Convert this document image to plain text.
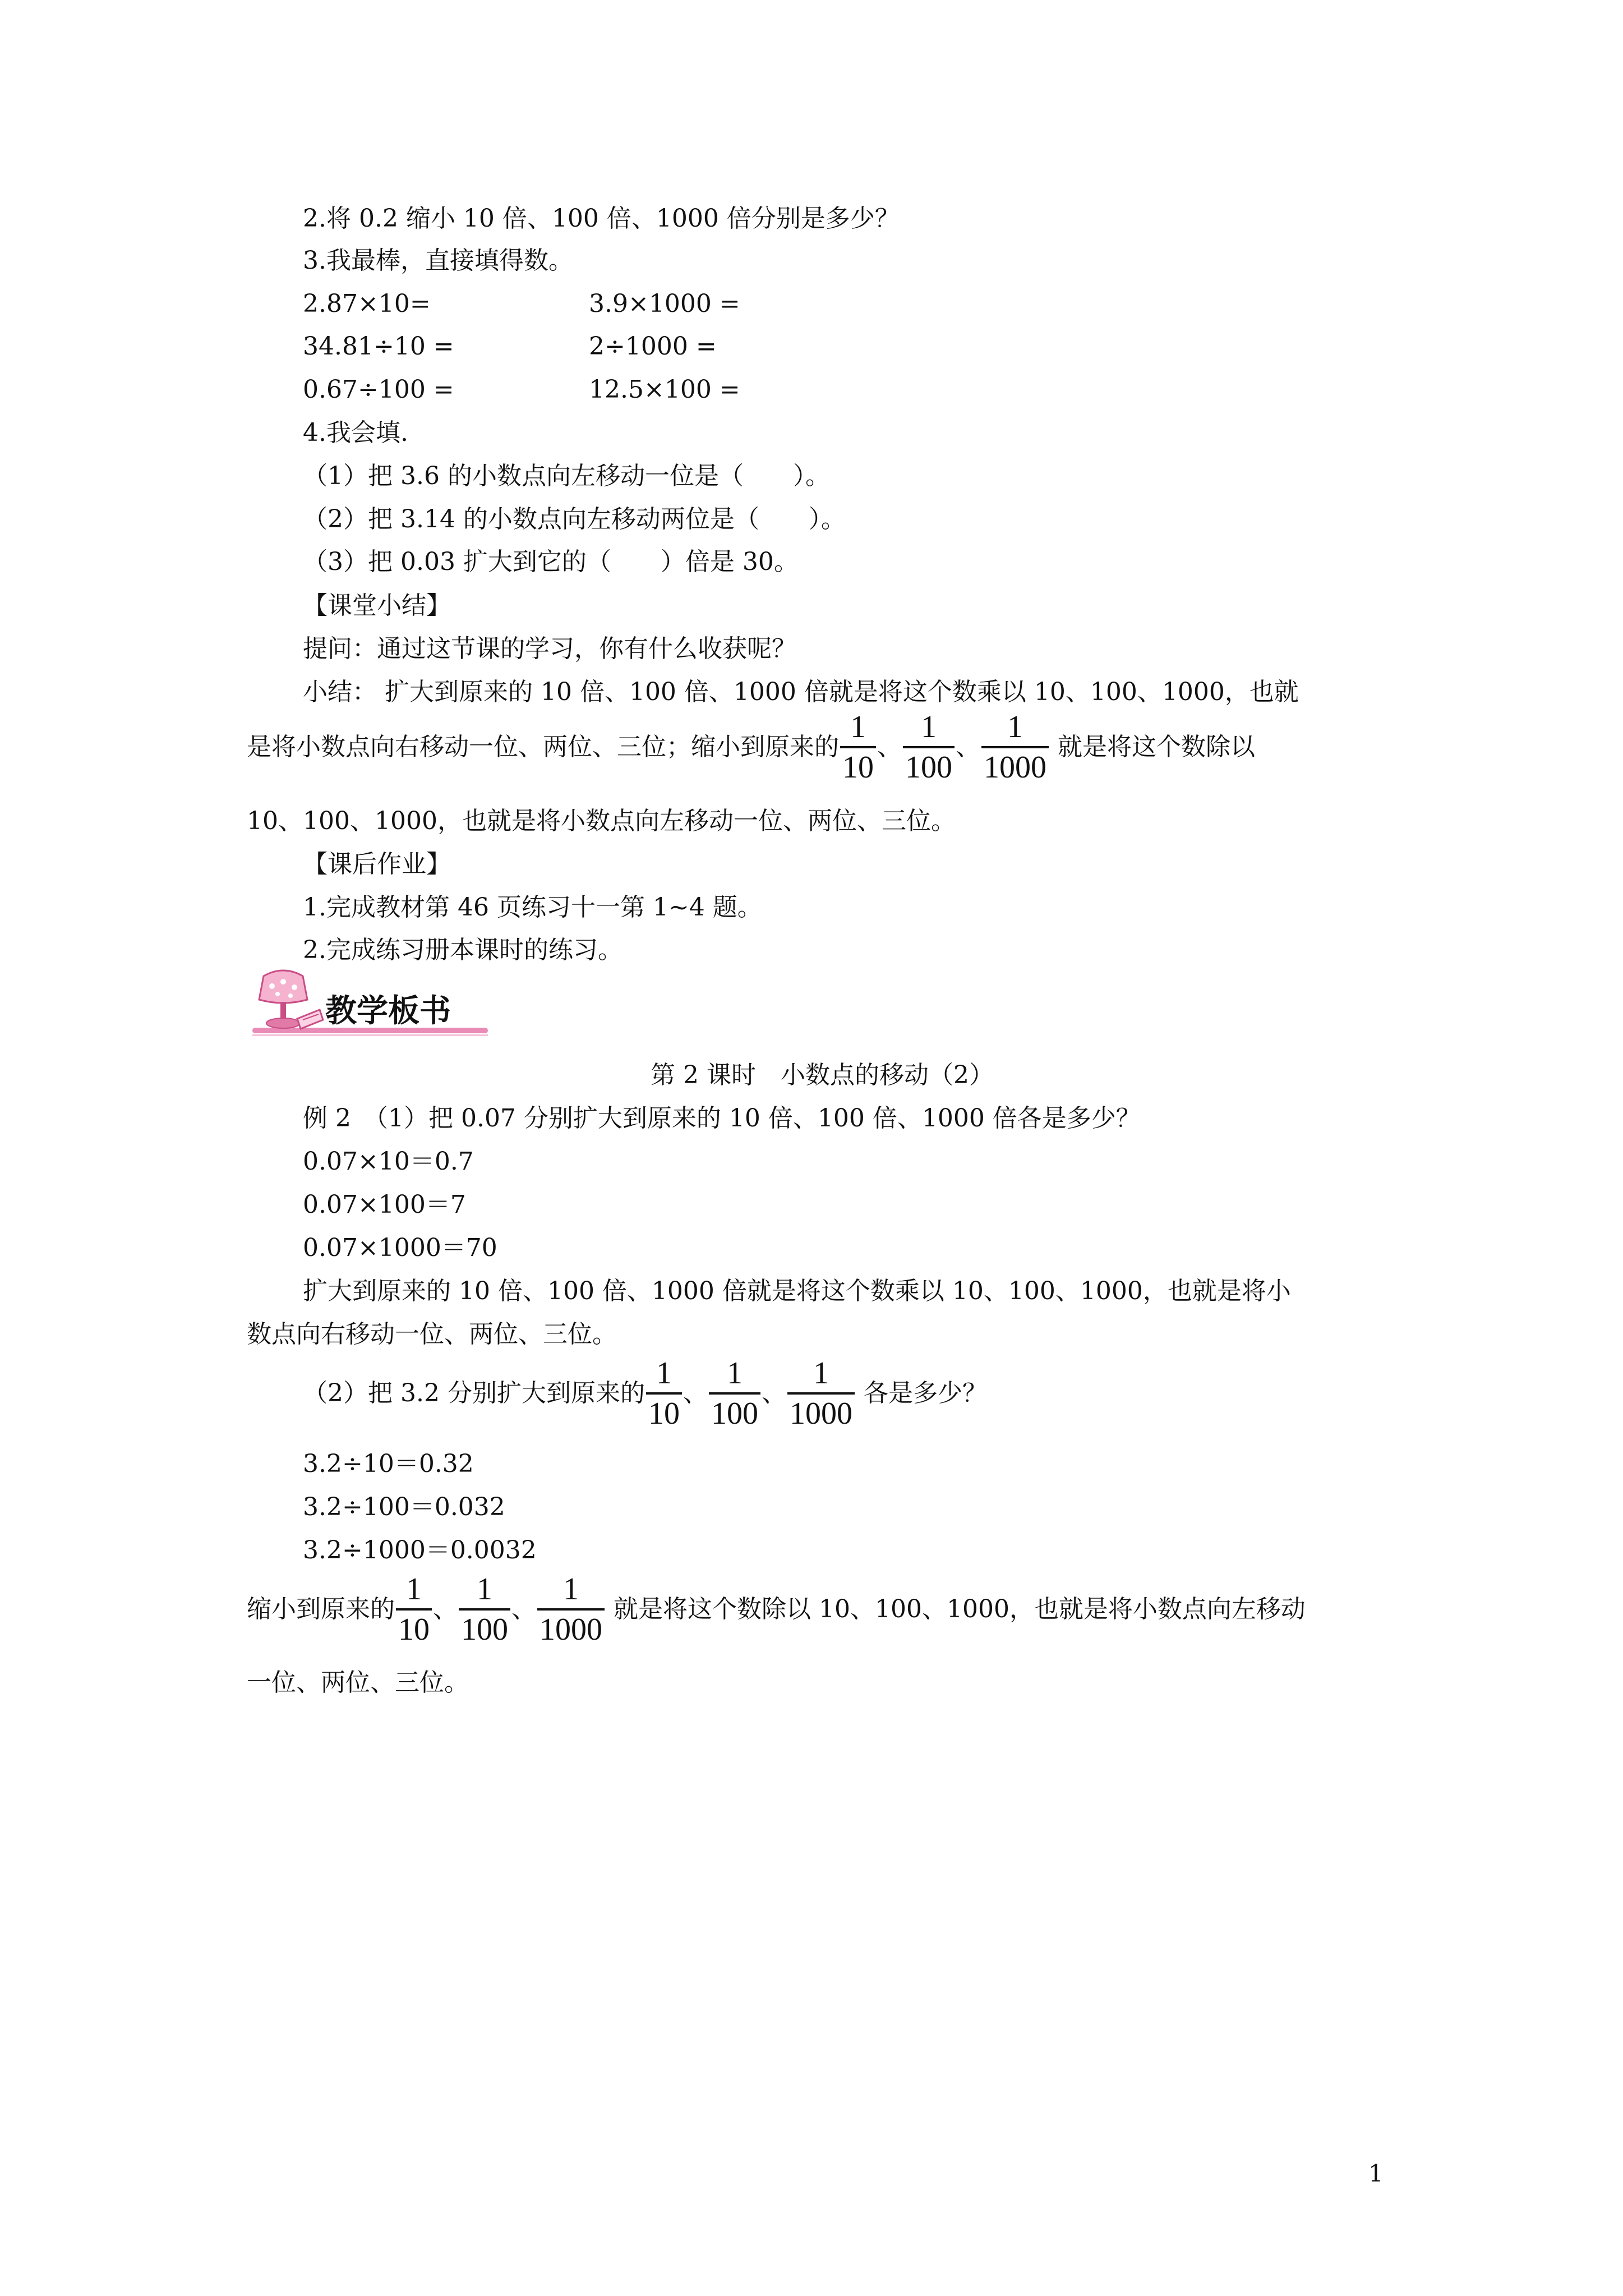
2.将 0.2 缩小 10 倍、100 倍、1000 倍分别是多少？
3.我最棒，直接填得数。
2.87×10=	3.9×1000 =
34.81÷10 =	2÷1000 =
0.67÷100 =	12.5×100 =
4.我会填.
（1）把 3.6 的小数点向左移动一位是（　　）。
（2）把 3.14 的小数点向左移动两位是（　　）。
（3）把 0.03 扩大到它的（　　）倍是 30。
【课堂小结】
提问：通过这节课的学习，你有什么收获呢？
小结： 扩大到原来的 10 倍、100 倍、1000 倍就是将这个数乘以 10、100、1000，也就
是将小数点向右移动一位、两位、三位；缩小到原来的 $\frac{1}{10}$ 、 $\frac{1}{100}$ 、 $\frac{1}{1000}$ 就是将这个数除以
10、100、1000，也就是将小数点向左移动一位、两位、三位。
【课后作业】
1.完成教材第 46 页练习十一第 1~4 题。
2.完成练习册本课时的练习。
教学板书
第 2 课时　小数点的移动（2）
例 2　（1）把 0.07 分别扩大到原来的 10 倍、100 倍、1000 倍各是多少？
0.07×10＝0.7
0.07×100＝7
0.07×1000＝70
扩大到原来的 10 倍、100 倍、1000 倍就是将这个数乘以 10、100、1000，也就是将小
数点向右移动一位、两位、三位。
（2）把 3.2 分别扩大到原来的 $\frac{1}{10}$ 、 $\frac{1}{100}$ 、 $\frac{1}{1000}$ 各是多少？
3.2÷10＝0.32
3.2÷100＝0.032
3.2÷1000＝0.0032
缩小到原来的 $\frac{1}{10}$ 、 $\frac{1}{100}$ 、 $\frac{1}{1000}$ 就是将这个数除以 10、100、1000，也就是将小数点向左移动
一位、两位、三位。
1
